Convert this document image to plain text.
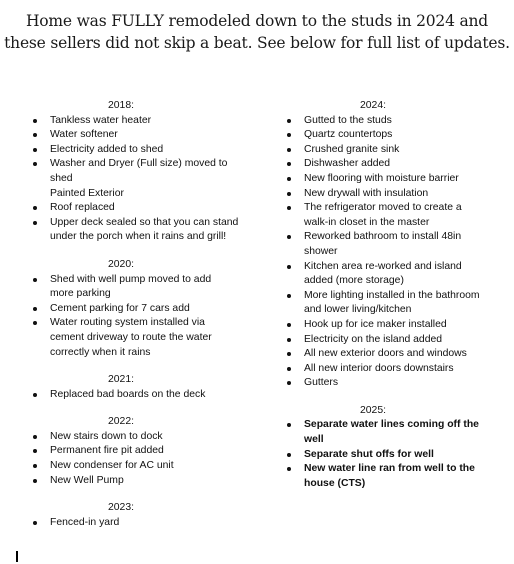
Home was FULLY remodeled down to the studs in 2024 and
these sellers did not skip a beat. See below for full list of updates.
2018:
Tankless water heater
Water softener
Electricity added to shed
Washer and Dryer (Full size) moved to shed
Painted Exterior
Roof replaced
Upper deck sealed so that you can stand under the porch when it rains and grill!
2020:
Shed with well pump moved to add more parking
Cement parking for 7 cars add
Water routing system installed via cement driveway to route the water correctly when it rains
2021:
Replaced bad boards on the deck
2022:
New stairs down to dock
Permanent fire pit added
New condenser for AC unit
New Well Pump
2023:
Fenced-in yard
2024:
Gutted to the studs
Quartz countertops
Crushed granite sink
Dishwasher added
New flooring with moisture barrier
New drywall with insulation
The refrigerator moved to create a walk-in closet in the master
Reworked bathroom to install 48in shower
Kitchen area re-worked and island added (more storage)
More lighting installed in the bathroom and lower living/kitchen
Hook up for ice maker installed
Electricity on the island added
All new exterior doors and windows
All new interior doors downstairs
Gutters
2025:
Separate water lines coming off the well
Separate shut offs for well
New water line ran from well to the house (CTS)
